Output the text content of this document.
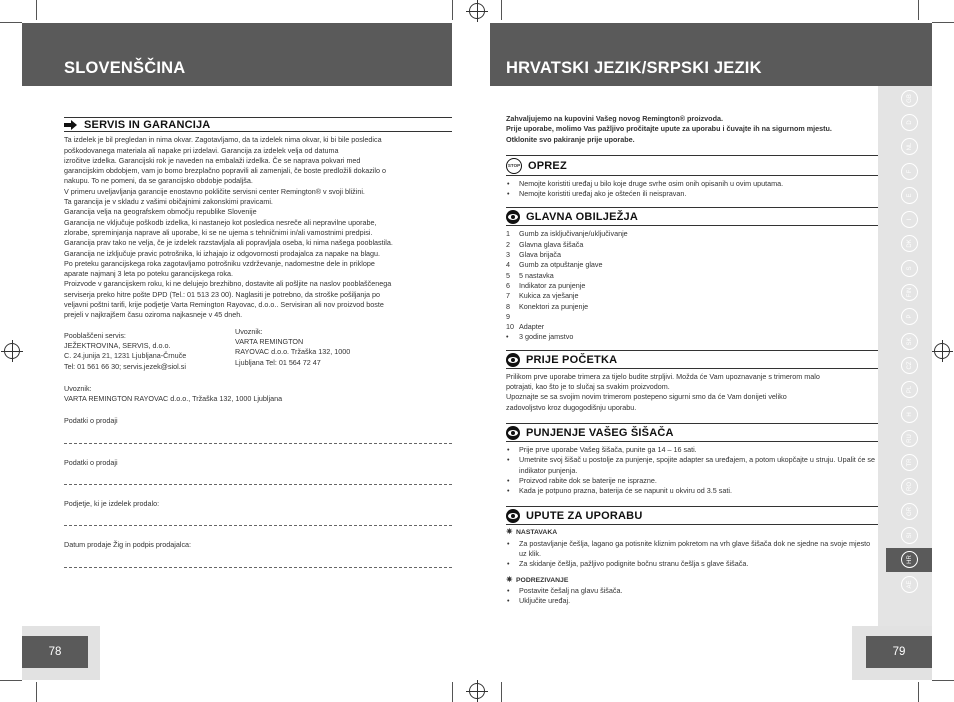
SLOVENŠČINA	HRVATSKI JEZIK/SRPSKI JEZIK
78	79
GB
D
NL
F
E
I
DK
S
FIN
P
SK
CZ
PL
H
RU
TR
RO
GR
SI
HR
AE
SERVIS IN GARANCIJA
Ta izdelek je bil pregledan in nima okvar. Zagotavljamo, da ta izdelek nima okvar, ki bi bile posledica
poškodovanega materiala ali napake pri izdelavi. Garancija za izdelek velja od datuma
izročitve izdelka. Garancijski rok je naveden na embalaži izdelka. Če se naprava pokvari med
garancijskim obdobjem, vam jo bomo brezplačno popravili ali zamenjali, če boste predložili dokazilo o
nakupu. To ne pomeni, da se garancijsko obdobje podaljša.
V primeru uveljavljanja garancije enostavno pokličite servisni center Remington® v svoji bližini.
Ta garancija je v skladu z vašimi običajnimi zakonskimi pravicami.
Garancija velja na geografskem območju republike Slovenije
Garancija ne vključuje poškodb izdelka, ki nastanejo kot posledica nesreče ali nepravilne uporabe,
zlorabe, spreminjanja naprave ali uporabe, ki se ne ujema s tehničnimi in/ali vamostnimi predpisi.
Garancija prav tako ne velja, če je izdelek razstavljala ali popravljala oseba, ki nima našega pooblastila.
Garancija ne izključuje pravic potrošnika, ki izhajajo iz odgovornosti prodajalca za napake na blagu.
Po preteku garancijskega roka zagotavljamo potrošniku vzdrževanje, nadomestne dele in priklope
aparate najmanj 3 leta po poteku garancijskega roka.
Proizvode v garancijskem roku, ki ne delujejo brezhibno, dostavite ali pošljite na naslov pooblaščenega
serviserja preko hitre pošte DPD (Tel.: 01 513 23 00). Naglasiti je potrebno, da stroške pošiljanja po
veljavni poštni tarifi, krije podjetje Varta Remington Rayovac, d.o.o.. Servisiran ali nov proizvod boste
prejeli v najkrajšem času oziroma najkasneje v 45 dneh.
Pooblaščeni servis:
JEŽEKTROVINA, SERVIS, d.o.o.
C. 24.junija 21, 1231 Ljubljana-Črnuče
Tel: 01 561 66 30; servis.jezek@siol.si
Uvoznik:
VARTA REMINGTON
RAYOVAC d.o.o. Tržaška 132, 1000
Ljubljana Tel: 01 564 72 47
Uvoznik:
VARTA REMINGTON RAYOVAC d.o.o., Tržaška 132, 1000 Ljubljana
Podatki o prodaji
Podatki o prodaji
Podjetje, ki je izdelek prodalo:
Datum prodaje Žig in podpis prodajalca:
Zahvaljujemo na kupovini Vašeg novog Remington® proizvoda.
Prije uporabe, molimo Vas pažljivo pročitajte upute za uporabu i čuvajte ih na sigurnom mjestu.
Otklonite svo pakiranje prije uporabe.
STOP OPREZ
• Nemojte koristiti uređaj u bilo koje druge svrhe osim onih opisanih u ovim uputama.
• Nemojte koristiti uređaj ako je oštećen ili neispravan.
GLAVNA OBILJEŽJA
1	Gumb za isključivanje/uključivanje
2	Glavna glava šišača
3	Glava brijača
4	Gumb za otpuštanje glave
5	5 nastavka
6	Indikator za punjenje
7	Kukica za vješanje
8	Konektori za punjenje
9
10 Adapter
•	3 godine jamstvo
PRIJE POČETKA
Prilikom prve uporabe trimera za tijelo budite strpljivi. Možda će Vam upoznavanje s trimerom malo
potrajati, kao što je to slučaj sa svakim proizvodom.
Upoznajte se sa svojim novim trimerom postepeno sigurni smo da će Vam donijeti veliko
zadovoljstvo kroz dugogodišnju uporabu.
PUNJENJE VAŠEG ŠIŠAČA
• Prije prve uporabe Vašeg šišača, punite ga 14 – 16 sati.
• Umetnite svoj šišač u postolje za punjenje, spojite adapter sa uređajem, a potom ukopčajte u struju. Upalit će se indikator punjenja.
• Proizvod rabite dok se baterije ne isprazne.
• Kada je potpuno prazna, baterija će se napunit u okviru od 3.5 sati.
UPUTE ZA UPORABU
✷ NASTAVAKA
• Za postavljanje češlja, lagano ga potisnite kliznim pokretom na vrh glave šišača dok ne sjedne na svoje mjesto uz klik.
• Za skidanje češlja, pažljivo podignite bočnu stranu češlja s glave šišača.
✷ PODREZIVANJE
• Postavite češalj na glavu šišača.
• Uključite uređaj.
